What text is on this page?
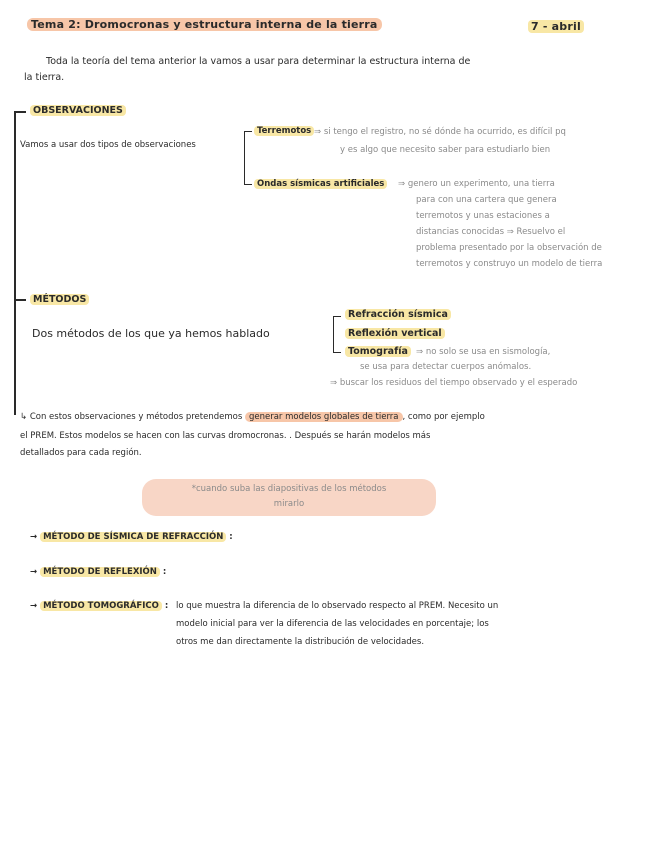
Tema 2: Dromocronas y estructura interna de la tierra	7 - abril
Toda la teoría del tema anterior la vamos a usar para determinar la estructura interna de
la tierra.
OBSERVACIONES
Vamos a usar dos tipos de observaciones
Terremotos ⇒ si tengo el registro, no sé dónde ha ocurrido, es difícil pq
y es algo que necesito saber para estudiarlo bien
Ondas sísmicas artificiales	⇒ genero un experimento, una tierra
para con una cartera que genera
terremotos y unas estaciones a
distancias conocidas ⇒ Resuelvo el
problema presentado por la observación de
terremotos y construyo un modelo de tierra
MÉTODOS
Dos métodos de los que ya hemos hablado
Refracción sísmica
Reflexión vertical
Tomografía ⇒ no solo se usa en sismología,
se usa para detectar cuerpos anómalos.
⇒ buscar los residuos del tiempo observado y el esperado
↳ Con estos observaciones y métodos pretendemos generar modelos globales de tierra , como por ejemplo
el PREM. Estos modelos se hacen con las curvas dromocronas. . Después se harán modelos más
detallados para cada región.
*cuando suba las diapositivas de los métodos
mirarlo
→ MÉTODO DE SÍSMICA DE REFRACCIÓN :
→ MÉTODO DE REFLEXIÓN :
→ MÉTODO TOMOGRÁFICO : lo que muestra la diferencia de lo observado respecto al PREM. Necesito un
modelo inicial para ver la diferencia de las velocidades en porcentaje; los
otros me dan directamente la distribución de velocidades.
